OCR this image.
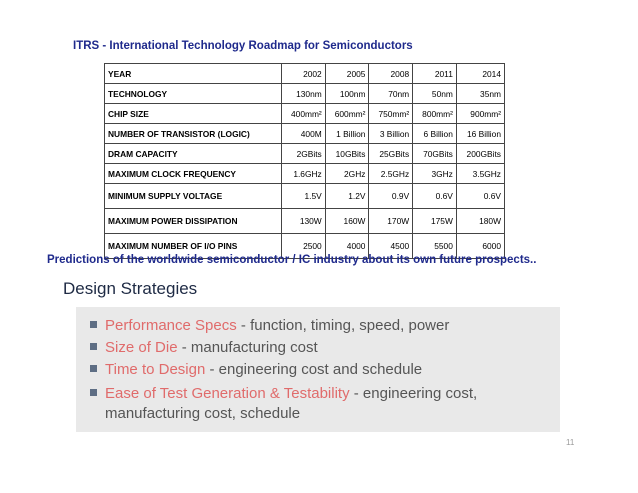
ITRS - International Technology Roadmap for Semiconductors
YEAR	2002	2005	2008	2011	2014
TECHNOLOGY	130nm	100nm	70nm	50nm	35nm
CHIP SIZE	400mm²	600mm²	750mm²	800mm²	900mm²
NUMBER OF TRANSISTOR (LOGIC)	400M	1 Billion	3 Billion	6 Billion	16 Billion
DRAM CAPACITY	2GBits	10GBits	25GBits	70GBits	200GBits
MAXIMUM CLOCK FREQUENCY	1.6GHz	2GHz	2.5GHz	3GHz	3.5GHz
MINIMUM SUPPLY VOLTAGE	1.5V	1.2V	0.9V	0.6V	0.6V
MAXIMUM POWER DISSIPATION	130W	160W	170W	175W	180W
MAXIMUM NUMBER OF I/O PINS	2500	4000	4500	5500	6000
Predictions of the worldwide semiconductor / IC industry about its own future prospects..
Design Strategies
Performance Specs - function, timing, speed, power
Size of Die - manufacturing cost
Time to Design - engineering cost and schedule
Ease of Test Generation & Testability - engineering cost,
manufacturing cost, schedule
11
